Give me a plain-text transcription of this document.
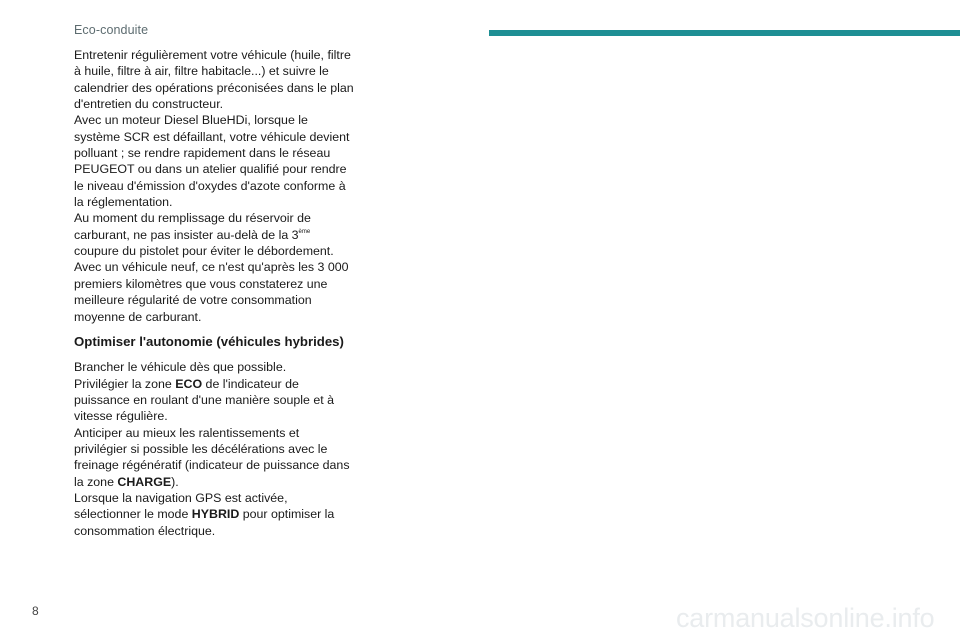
Eco-conduite

Entretenir régulièrement votre véhicule (huile, filtre à huile, filtre à air, filtre habitacle...) et suivre le calendrier des opérations préconisées dans le plan d'entretien du constructeur.

Avec un moteur Diesel BlueHDi, lorsque le système SCR est défaillant, votre véhicule devient polluant ; se rendre rapidement dans le réseau PEUGEOT ou dans un atelier qualifié pour rendre le niveau d'émission d'oxydes d'azote conforme à la réglementation.

Au moment du remplissage du réservoir de carburant, ne pas insister au-delà de la 3ème coupure du pistolet pour éviter le débordement.

Avec un véhicule neuf, ce n'est qu'après les 3 000 premiers kilomètres que vous constaterez une meilleure régularité de votre consommation moyenne de carburant.

Optimiser l'autonomie (véhicules hybrides)

Brancher le véhicule dès que possible.

Privilégier la zone ECO de l'indicateur de puissance en roulant d'une manière souple et à vitesse régulière.

Anticiper au mieux les ralentissements et privilégier si possible les décélérations avec le freinage régénératif (indicateur de puissance dans la zone CHARGE).

Lorsque la navigation GPS est activée, sélectionner le mode HYBRID pour optimiser la consommation électrique.

8	carmanualsonline.info
